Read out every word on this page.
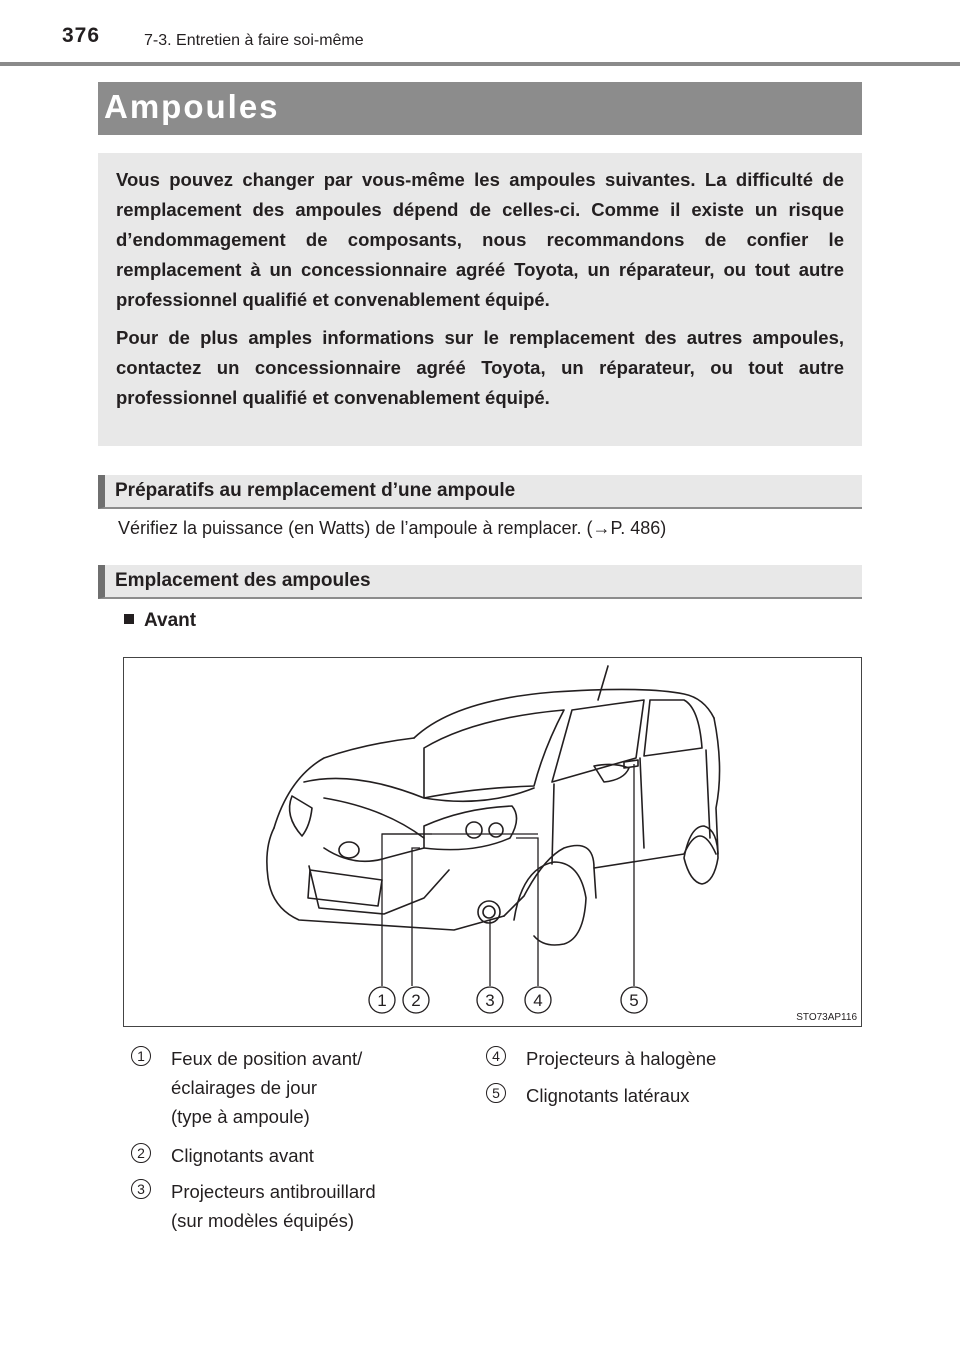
376	7-3. Entretien à faire soi-même
Ampoules

Vous pouvez changer par vous-même les ampoules suivantes. La difficulté de remplacement des ampoules dépend de celles-ci. Comme il existe un risque d’endommagement de composants, nous recommandons de confier le remplacement à un concessionnaire agréé Toyota, un réparateur, ou tout autre professionnel qualifié et convenablement équipé.

Pour de plus amples informations sur le remplacement des autres ampoules, contactez un concessionnaire agréé Toyota, un réparateur, ou tout autre professionnel qualifié et convenablement équipé.

Préparatifs au remplacement d’une ampoule
Vérifiez la puissance (en Watts) de l’ampoule à remplacer. (→P. 486)
Emplacement des ampoules
Avant
1 2	3 4	5
STO73AP116
1	Feux de position avant/
éclairages de jour
(type à ampoule)
2	Clignotants avant
3	Projecteurs antibrouillard
(sur modèles équipés)
4	Projecteurs à halogène
5	Clignotants latéraux
